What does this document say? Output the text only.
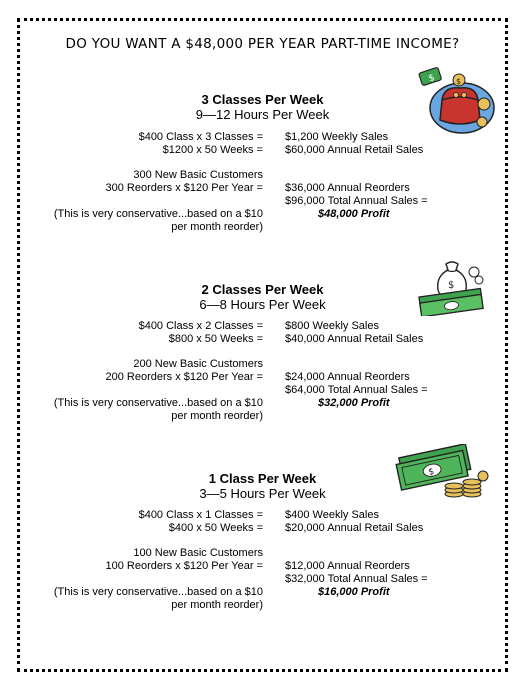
DO YOU WANT A $48,000 PER YEAR PART-TIME INCOME?
3 Classes Per Week
9—12 Hours Per Week
$400 Class x 3 Classes = $1,200 Weekly Sales
$1200 x 50 Weeks = $60,000 Annual Retail Sales
300 New Basic Customers
300 Reorders x $120 Per Year = $36,000 Annual Reorders
$96,000 Total Annual Sales =
(This is very conservative...based on a $10	$48,000 Profit
per month reorder)
2 Classes Per Week
6—8 Hours Per Week
$400 Class x 2 Classes = $800 Weekly Sales
$800 x 50 Weeks = $40,000 Annual Retail Sales
200 New Basic Customers
200 Reorders x $120 Per Year = $24,000 Annual Reorders
$64,000 Total Annual Sales =
(This is very conservative...based on a $10	$32,000 Profit
per month reorder)
1 Class Per Week
3—5 Hours Per Week
$400 Class x 1 Classes = $400 Weekly Sales
$400 x 50 Weeks = $20,000 Annual Retail Sales
100 New Basic Customers
100 Reorders x $120 Per Year = $12,000 Annual Reorders
$32,000 Total Annual Sales =
(This is very conservative...based on a $10	$16,000 Profit
per month reorder)
$ $
$
$
